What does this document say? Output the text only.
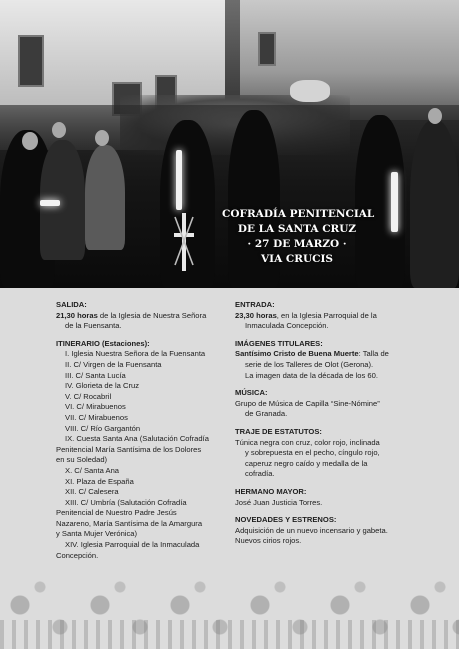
COFRADÍA PENITENCIAL
DE LA SANTA CRUZ
· 27 DE MARZO ·
VIA CRUCIS
SALIDA:
21,30 horas de la Iglesia de Nuestra Señora
de la Fuensanta.
ITINERARIO (Estaciones):
I. Iglesia Nuestra Señora de la Fuensanta
II. C/ Virgen de la Fuensanta
III. C/ Santa Lucía
IV. Glorieta de la Cruz
V. C/ Rocabril
VI. C/ Mirabuenos
VII. C/ Mirabuenos
VIII. C/ Río Gargantón
IX. Cuesta Santa Ana (Salutación Cofradía
Penitencial María Santísima de los Dolores
en su Soledad)
X. C/ Santa Ana
XI. Plaza de España
XII. C/ Calesera
XIII. C/ Umbría (Salutación Cofradía
Penitencial de Nuestro Padre Jesús
Nazareno, María Santísima de la Amargura
y Santa Mujer Verónica)
XIV. Iglesia Parroquial de la Inmaculada
Concepción.
ENTRADA:
23,30 horas, en la Iglesia Parroquial de la
Inmaculada Concepción.
IMÁGENES TITULARES:
Santísimo Cristo de Buena Muerte: Talla de
serie de los Talleres de Olot (Gerona).
La imagen data de la década de los 60.
MÚSICA:
Grupo de Música de Capilla “Sine-Nómine”
de Granada.
TRAJE DE ESTATUTOS:
Túnica negra con cruz, color rojo, inclinada
y sobrepuesta en el pecho, cíngulo rojo,
caperuz negro caído y medalla de la
cofradía.
HERMANO MAYOR:
José Juan Justicia Torres.
NOVEDADES Y ESTRENOS:
Adquisición de un nuevo incensario y gabeta.
Nuevos cirios rojos.
